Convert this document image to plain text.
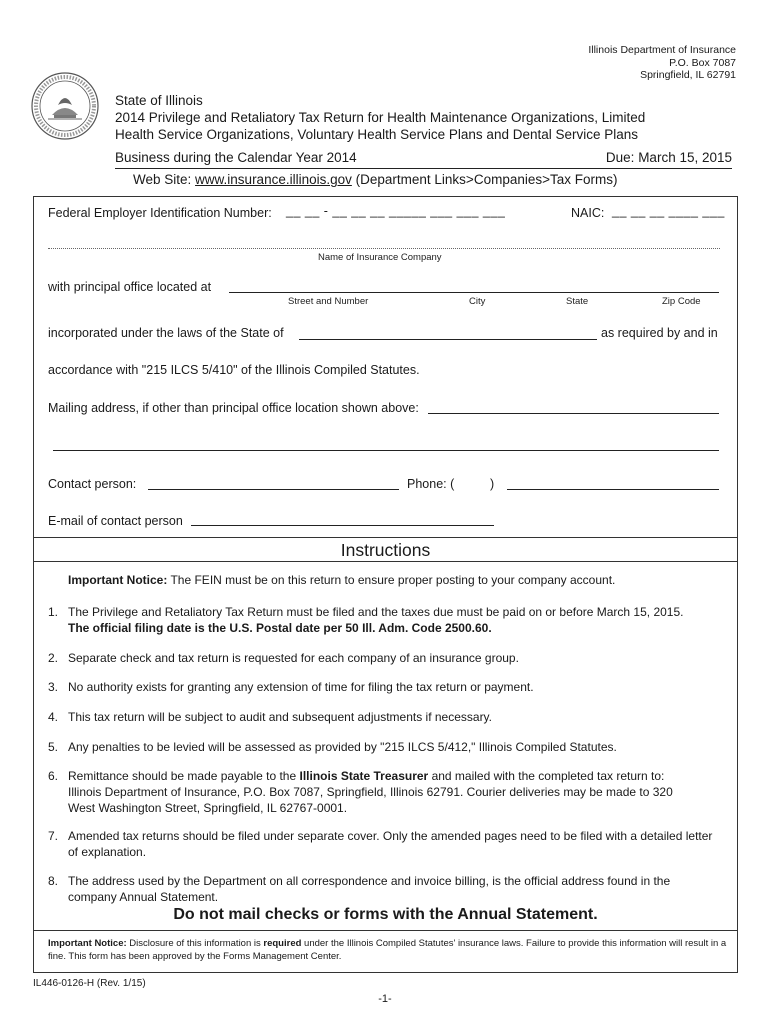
Illinois Department of Insurance
P.O. Box 7087
Springfield, IL 62791
State of Illinois
2014 Privilege and Retaliatory Tax Return for Health Maintenance Organizations, Limited
Health Service Organizations, Voluntary Health Service Plans and Dental Service Plans
Business during the Calendar Year 2014	Due: March 15, 2015
Web Site: www.insurance.illinois.gov (Department Links>Companies>Tax Forms)
Federal Employer Identification Number: __ __ - __ __ __ _____ ___ ___ ___	NAIC: __ __ __ ____ ___
Name of Insurance Company
with principal office located at
Street and Number	City	State	Zip Code
incorporated under the laws of the State of	as required by and in
accordance with "215 ILCS 5/410" of the Illinois Compiled Statutes.
Mailing address, if other than principal office location shown above:
Contact person:	Phone: (	)
E-mail of contact person
Instructions
Important Notice: The FEIN must be on this return to ensure proper posting to your company account.
1. The Privilege and Retaliatory Tax Return must be filed and the taxes due must be paid on or before March 15, 2015.
The official filing date is the U.S. Postal date per 50 Ill. Adm. Code 2500.60.
2. Separate check and tax return is requested for each company of an insurance group.
3. No authority exists for granting any extension of time for filing the tax return or payment.
4. This tax return will be subject to audit and subsequent adjustments if necessary.
5. Any penalties to be levied will be assessed as provided by "215 ILCS 5/412," Illinois Compiled Statutes.
6. Remittance should be made payable to the Illinois State Treasurer and mailed with the completed tax return to:
Illinois Department of Insurance, P.O. Box 7087, Springfield, Illinois 62791. Courier deliveries may be made to 320
West Washington Street, Springfield, IL 62767-0001.
7. Amended tax returns should be filed under separate cover. Only the amended pages need to be filed with a detailed letter of explanation.
8. The address used by the Department on all correspondence and invoice billing, is the official address found in the company Annual Statement.
Do not mail checks or forms with the Annual Statement.
Important Notice: Disclosure of this information is required under the Illinois Compiled Statutes' insurance laws. Failure to provide this information will result in a fine. This form has been approved by the Forms Management Center.
IL446-0126-H (Rev. 1/15)
-1-
